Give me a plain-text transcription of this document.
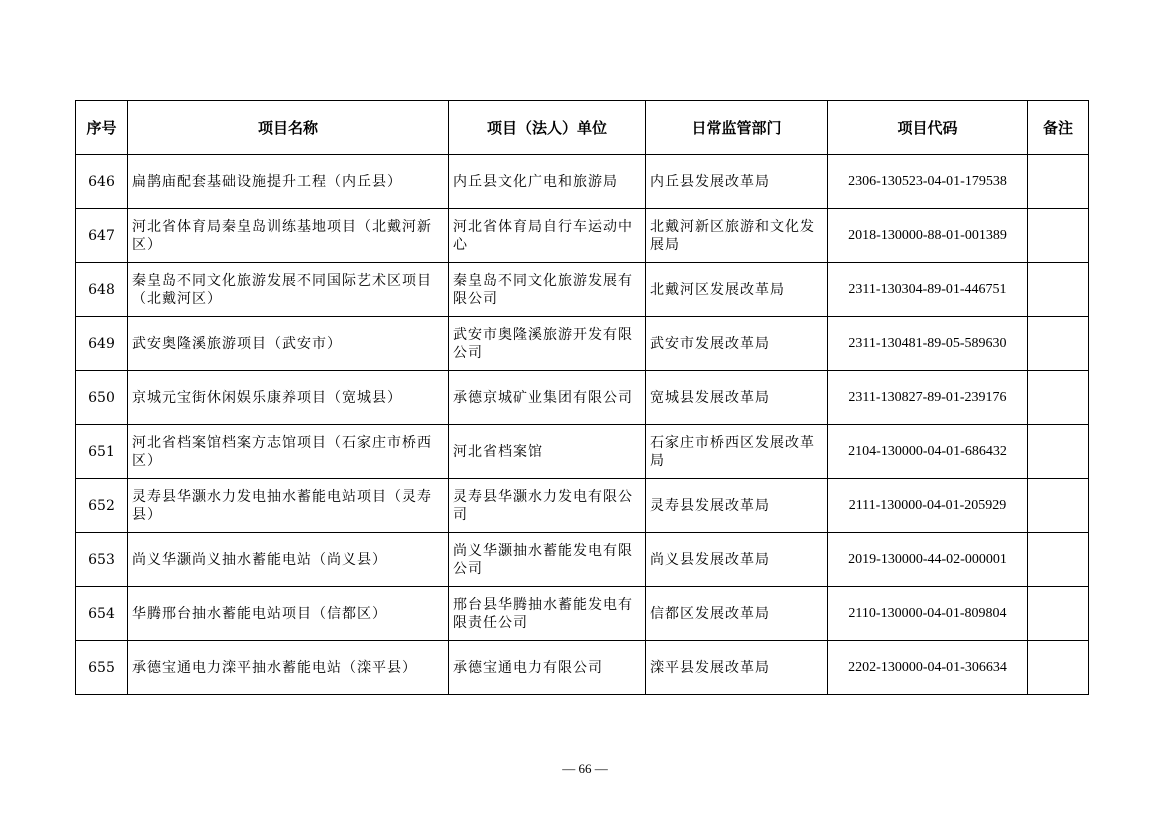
序号	项目名称	项目（法人）单位	日常监管部门	项目代码	备注
646	扁鹊庙配套基础设施提升工程（内丘县）	内丘县文化广电和旅游局	内丘县发展改革局	2306-130523-04-01-179538	
647	河北省体育局秦皇岛训练基地项目（北戴河新区）	河北省体育局自行车运动中心	北戴河新区旅游和文化发展局	2018-130000-88-01-001389	
648	秦皇岛不同文化旅游发展不同国际艺术区项目（北戴河区）	秦皇岛不同文化旅游发展有限公司	北戴河区发展改革局	2311-130304-89-01-446751	
649	武安奥隆溪旅游项目（武安市）	武安市奥隆溪旅游开发有限公司	武安市发展改革局	2311-130481-89-05-589630	
650	京城元宝街休闲娱乐康养项目（宽城县）	承德京城矿业集团有限公司	宽城县发展改革局	2311-130827-89-01-239176	
651	河北省档案馆档案方志馆项目（石家庄市桥西区）	河北省档案馆	石家庄市桥西区发展改革局	2104-130000-04-01-686432	
652	灵寿县华灏水力发电抽水蓄能电站项目（灵寿县）	灵寿县华灏水力发电有限公司	灵寿县发展改革局	2111-130000-04-01-205929	
653	尚义华灏尚义抽水蓄能电站（尚义县）	尚义华灏抽水蓄能发电有限公司	尚义县发展改革局	2019-130000-44-02-000001	
654	华腾邢台抽水蓄能电站项目（信都区）	邢台县华腾抽水蓄能发电有限责任公司	信都区发展改革局	2110-130000-04-01-809804	
655	承德宝通电力滦平抽水蓄能电站（滦平县）	承德宝通电力有限公司	滦平县发展改革局	2202-130000-04-01-306634	
— 66 —
